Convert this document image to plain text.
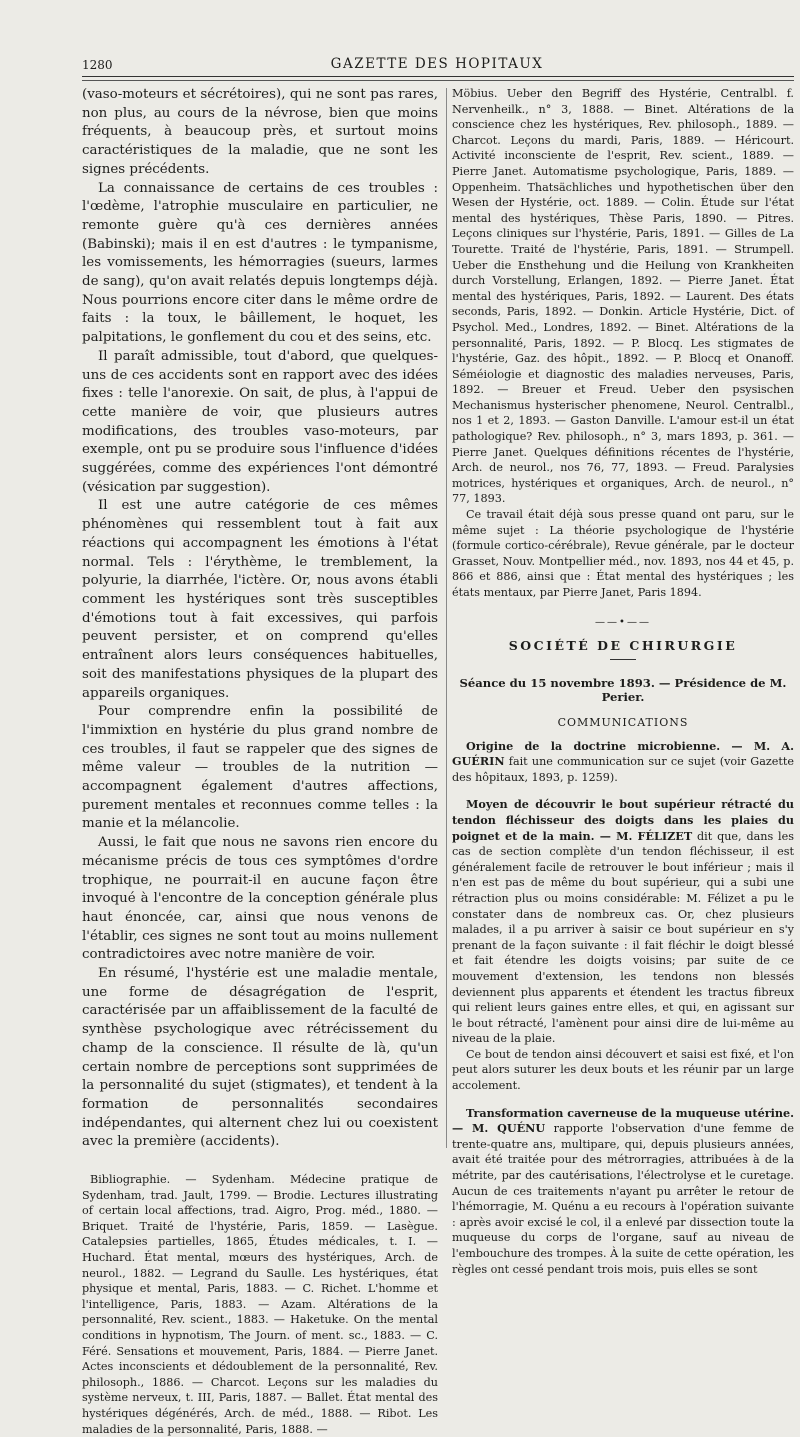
1280	GAZETTE DES HOPITAUX

(vaso-moteurs et sécrétoires), qui ne sont pas rares, non plus, au cours de la névrose, bien que moins fréquents, à beaucoup près, et surtout moins caractéristiques de la maladie, que ne sont les signes précédents.

La connaissance de certains de ces troubles : l'œdème, l'atrophie musculaire en particulier, ne remonte guère qu'à ces dernières années (Babinski); mais il en est d'autres : le tympanisme, les vomissements, les hémorragies (sueurs, larmes de sang), qu'on avait relatés depuis longtemps déjà. Nous pourrions encore citer dans le même ordre de faits : la toux, le bâillement, le hoquet, les palpitations, le gonflement du cou et des seins, etc.

Il paraît admissible, tout d'abord, que quelques-uns de ces accidents sont en rapport avec des idées fixes : telle l'anorexie. On sait, de plus, à l'appui de cette manière de voir, que plusieurs autres modifications, des troubles vaso-moteurs, par exemple, ont pu se produire sous l'influence d'idées suggérées, comme des expériences l'ont démontré (vésication par suggestion).

Il est une autre catégorie de ces mêmes phénomènes qui ressemblent tout à fait aux réactions qui accompagnent les émotions à l'état normal. Tels : l'érythème, le tremblement, la polyurie, la diarrhée, l'ictère. Or, nous avons établi comment les hystériques sont très susceptibles d'émotions tout à fait excessives, qui parfois peuvent persister, et on comprend qu'elles entraînent alors leurs conséquences habituelles, soit des manifestations physiques de la plupart des appareils organiques.

Pour comprendre enfin la possibilité de l'immixtion en hystérie du plus grand nombre de ces troubles, il faut se rappeler que des signes de même valeur — troubles de la nutrition — accompagnent également d'autres affections, purement mentales et reconnues comme telles : la manie et la mélancolie.

Aussi, le fait que nous ne savons rien encore du mécanisme précis de tous ces symptômes d'ordre trophique, ne pourrait-il en aucune façon être invoqué à l'encontre de la conception générale plus haut énoncée, car, ainsi que nous venons de l'établir, ces signes ne sont tout au moins nullement contradictoires avec notre manière de voir.

En résumé, l'hystérie est une maladie mentale, une forme de désagrégation de l'esprit, caractérisée par un affaiblissement de la faculté de synthèse psychologique avec rétrécissement du champ de la conscience. Il résulte de là, qu'un certain nombre de perceptions sont supprimées de la personnalité du sujet (stigmates), et tendent à la formation de personnalités secondaires indépendantes, qui alternent chez lui ou coexistent avec la première (accidents).

Bibliographie. — Sydenham. Médecine pratique de Sydenham, trad. Jault, 1799. — Brodie. Lectures illustrating of certain local affections, trad. Aigro, Prog. méd., 1880. — Briquet. Traité de l'hystérie, Paris, 1859. — Lasègue. Catalepsies partielles, 1865, Études médicales, t. I. — Huchard. État mental, mœurs des hystériques, Arch. de neurol., 1882. — Legrand du Saulle. Les hystériques, état physique et mental, Paris, 1883. — C. Richet. L'homme et l'intelligence, Paris, 1883. — Azam. Altérations de la personnalité, Rev. scient., 1883. — Haketuke. On the mental conditions in hypnotism, The Journ. of ment. sc., 1883. — C. Féré. Sensations et mouvement, Paris, 1884. — Pierre Janet. Actes inconscients et dédoublement de la personnalité, Rev. philosoph., 1886. — Charcot. Leçons sur les maladies du système nerveux, t. III, Paris, 1887. — Ballet. État mental des hystériques dégénérés, Arch. de méd., 1888. — Ribot. Les maladies de la personnalité, Paris, 1888. —

Möbius. Ueber den Begriff des Hystérie, Centralbl. f. Nervenheilk., n° 3, 1888. — Binet. Altérations de la conscience chez les hystériques, Rev. philosoph., 1889. — Charcot. Leçons du mardi, Paris, 1889. — Héricourt. Activité inconsciente de l'esprit, Rev. scient., 1889. — Pierre Janet. Automatisme psychologique, Paris, 1889. — Oppenheim. Thatsächliches und hypothetischen über den Wesen der Hystérie, oct. 1889. — Colin. Étude sur l'état mental des hystériques, Thèse Paris, 1890. — Pitres. Leçons cliniques sur l'hystérie, Paris, 1891. — Gilles de La Tourette. Traité de l'hystérie, Paris, 1891. — Strumpell. Ueber die Ensthehung und die Heilung von Krankheiten durch Vorstellung, Erlangen, 1892. — Pierre Janet. État mental des hystériques, Paris, 1892. — Laurent. Des états seconds, Paris, 1892. — Donkin. Article Hystérie, Dict. of Psychol. Med., Londres, 1892. — Binet. Altérations de la personnalité, Paris, 1892. — P. Blocq. Les stigmates de l'hystérie, Gaz. des hôpit., 1892. — P. Blocq et Onanoff. Séméiologie et diagnostic des maladies nerveuses, Paris, 1892. — Breuer et Freud. Ueber den psysischen Mechanismus hysterischer phenomene, Neurol. Centralbl., nos 1 et 2, 1893. — Gaston Danville. L'amour est-il un état pathologique? Rev. philosoph., n° 3, mars 1893, p. 361. — Pierre Janet. Quelques définitions récentes de l'hystérie, Arch. de neurol., nos 76, 77, 1893. — Freud. Paralysies motrices, hystériques et organiques, Arch. de neurol., n° 77, 1893.

Ce travail était déjà sous presse quand ont paru, sur le même sujet : La théorie psychologique de l'hystérie (formule cortico-cérébrale), Revue générale, par le docteur Grasset, Nouv. Montpellier méd., nov. 1893, nos 44 et 45, p. 866 et 886, ainsi que : État mental des hystériques ; les états mentaux, par Pierre Janet, Paris 1894.

——•——
SOCIÉTÉ DE CHIRURGIE
Séance du 15 novembre 1893. — Présidence de M. Perier.
COMMUNICATIONS

Origine de la doctrine microbienne. — M. A. GUÉRIN fait une communication sur ce sujet (voir Gazette des hôpitaux, 1893, p. 1259).

Moyen de découvrir le bout supérieur rétracté du tendon fléchisseur des doigts dans les plaies du poignet et de la main. — M. FÉLIZET dit que, dans les cas de section complète d'un tendon fléchisseur, il est généralement facile de retrouver le bout inférieur ; mais il n'en est pas de même du bout supérieur, qui a subi une rétraction plus ou moins considérable: M. Félizet a pu le constater dans de nombreux cas. Or, chez plusieurs malades, il a pu arriver à saisir ce bout supérieur en s'y prenant de la façon suivante : il fait fléchir le doigt blessé et fait étendre les doigts voisins; par suite de ce mouvement d'extension, les tendons non blessés deviennent plus apparents et étendent les tractus fibreux qui relient leurs gaines entre elles, et qui, en agissant sur le bout rétracté, l'amènent pour ainsi dire de lui-même au niveau de la plaie.

Ce bout de tendon ainsi découvert et saisi est fixé, et l'on peut alors suturer les deux bouts et les réunir par un large accolement.

Transformation caverneuse de la muqueuse utérine. — M. QUÉNU rapporte l'observation d'une femme de trente-quatre ans, multipare, qui, depuis plusieurs années, avait été traitée pour des métrorragies, attribuées à de la métrite, par des cautérisations, l'électrolyse et le curetage. Aucun de ces traitements n'ayant pu arrêter le retour de l'hémorragie, M. Quénu a eu recours à l'opération suivante : après avoir excisé le col, il a enlevé par dissection toute la muqueuse du corps de l'organe, sauf au niveau de l'embouchure des trompes. À la suite de cette opération, les règles ont cessé pendant trois mois, puis elles se sont
